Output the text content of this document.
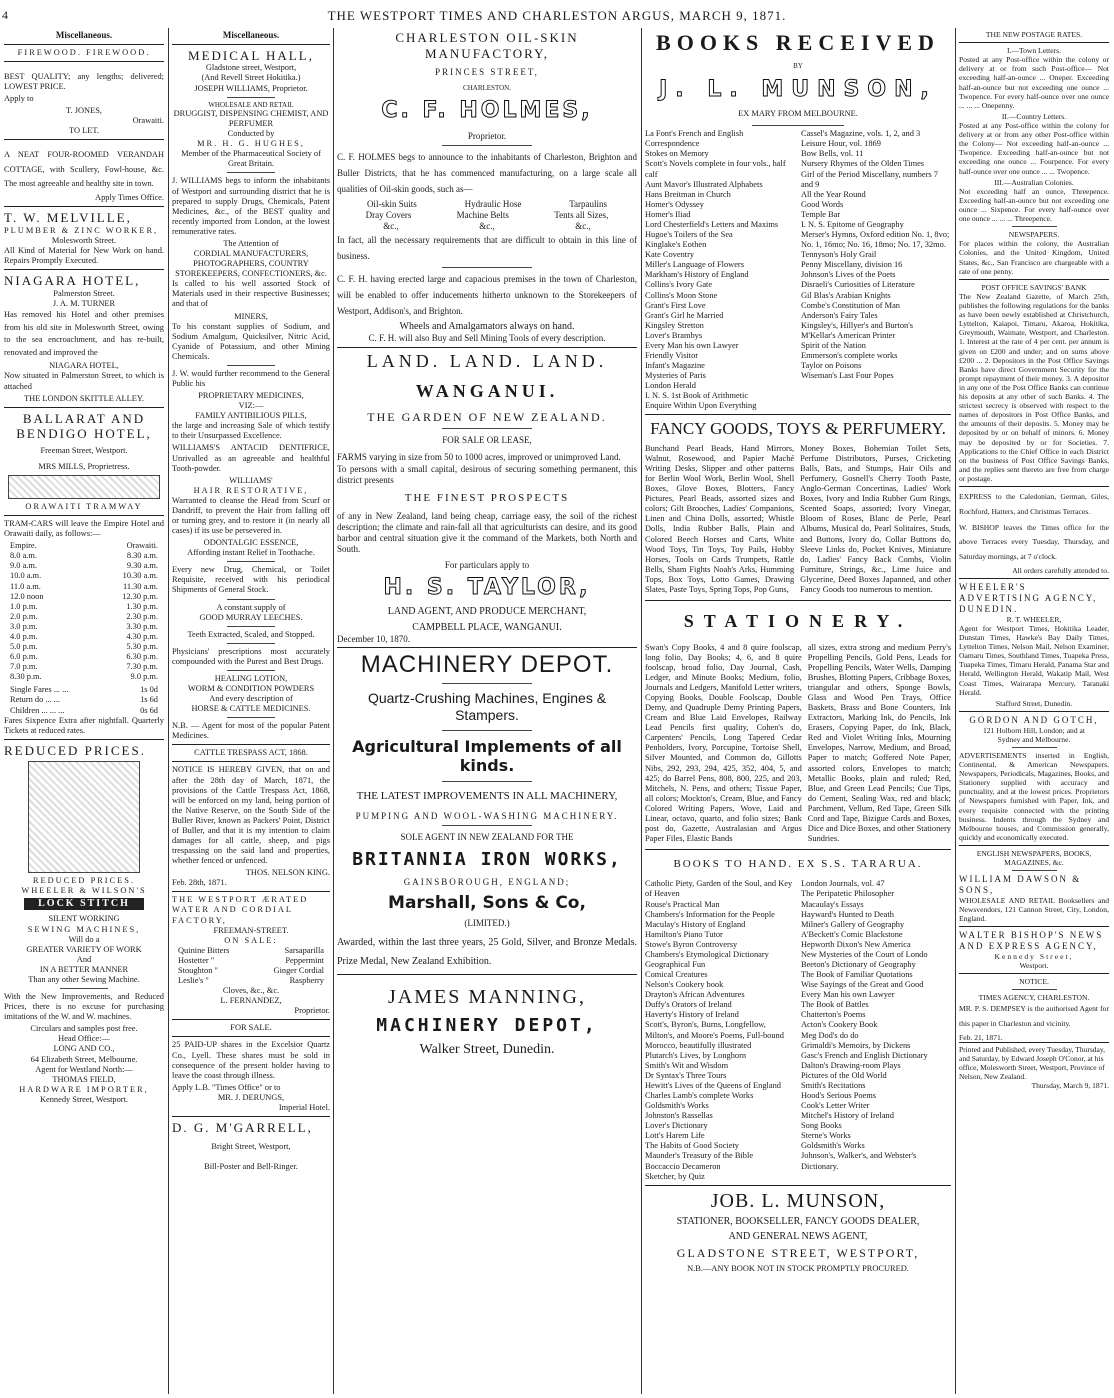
4	THE WESTPORT TIMES AND CHARLESTON ARGUS, MARCH 9, 1871.
Miscellaneous.
FIREWOOD. FIREWOOD.

BEST QUALITY; any lengths; delivered; LOWEST PRICE.

Apply to

T. JONES,
Orawaiti.
TO LET.

A NEAT FOUR-ROOMED VERANDAH COTTAGE, with Scullery, Fowl-house, &c. The most agreeable and healthy site in town.

Apply Times Office.
T. W. MELVILLE,
PLUMBER & ZINC WORKER,
Molesworth Street.

All Kind of Material for New Work on hand. Repairs Promptly Executed.

NIAGARA HOTEL,
Palmerston Street.
J. A. M. TURNER

Has removed his Hotel and other premises from his old site in Molesworth Street, owing to the sea encroachment, and has re-built, renovated and improved the

NIAGARA HOTEL,

Now situated in Palmerston Street, to which is attached

THE LONDON SKITTLE ALLEY.
BALLARAT AND BENDIGO HOTEL,
Freeman Street, Westport.
MRS MILLS, Proprietress.
ORAWAITI TRAMWAY

TRAM-CARS will leave the Empire Hotel and Orawaiti daily, as follows:—

Empire.	Orawaiti.
8.0 a.m.	8.30 a.m.
9.0 a.m.	9.30 a.m.
10.0 a.m.	10.30 a.m.
11.0 a.m.	11.30 a.m.
12.0 noon	12.30 p.m.
1.0 p.m.	1.30 p.m.
2.0 p.m.	2.30 p.m.
3.0 p.m.	3.30 p.m.
4.0 p.m.	4.30 p.m.
5.0 p.m.	5.30 p.m.
6.0 p.m.	6.30 p.m.
7.0 p.m.	7.30 p.m.
8.30 p.m.	9.0 p.m.
Single Fares ... ...	1s 0d
Return do ... ...	1s 6d
Children ... ... ...	0s 6d

Fares Sixpence Extra after nightfall. Quarterly Tickets at reduced rates.

REDUCED PRICES.
REDUCED PRICES.
WHEELER & WILSON'S
LOCK STITCH
SILENT WORKING
SEWING MACHINES,
Will do a
GREATER VARIETY OF WORK
And
IN A BETTER MANNER
Than any other Sewing Machine.

With the New Improvements, and Reduced Prices, there is no excuse for purchasing imitations of the W. and W. machines.

Circulars and samples post free.
Head Office:—
LONG AND CO.,
64 Elizabeth Street, Melbourne.
Agent for Westland North:—
THOMAS FIELD,
HARDWARE IMPORTER,
Kennedy Street, Westport.
Miscellaneous.
MEDICAL HALL,
Gladstone street, Westport,
(And Revell Street Hokitika.)
JOSEPH WILLIAMS, Proprietor.
WHOLESALE AND RETAIL
DRUGGIST, DISPENSING CHEMIST, AND PERFUMER
Conducted by
MR. H. G. HUGHES,
Member of the Pharmaceutical Society of Great Britain.

J. WILLIAMS begs to inform the inhabitants of Westport and surrounding district that he is prepared to supply Drugs, Chemicals, Patent Medicines, &c., of the BEST quality and recently imported from London, at the lowest remunerative rates.

The Attention of
CORDIAL MANUFACTURERS, PHOTOGRAPHERS, COUNTRY STOREKEEPERS, CONFECTIONERS, &c.

Is called to his well assorted Stock of Materials used in their respective Businesses; and that of

MINERS,

To his constant supplies of Sodium, and Sodium Amalgum, Quicksilver, Nitric Acid, Cyanide of Potassium, and other Mining Chemicals.

J. W. would further recommend to the General Public his

PROPRIETARY MEDICINES,
VIZ:—
FAMILY ANTIBILIOUS PILLS,

the large and increasing Sale of which testify to their Unsurpassed Excellence.

WILLIAMS'S ANTACID DENTIFRICE, Unrivalled as an agreeable and healthful Tooth-powder.

WILLIAMS'
HAIR RESTORATIVE,

Warranted to cleanse the Head from Scurf or Dandriff, to prevent the Hair from falling off or turning grey, and to restore it (in nearly all cases) if its use be persevered in.

ODONTALGIC ESSENCE,
Affording instant Relief in Toothache.

Every new Drug, Chemical, or Toilet Requisite, received with his periodical Shipments of General Stock.

A constant supply of
GOOD MURRAY LEECHES.
Teeth Extracted, Scaled, and Stopped.

Physicians' prescriptions most accurately compounded with the Purest and Best Drugs.

HEALING LOTION,
WORM & CONDITION POWDERS
And every description of
HORSE & CATTLE MEDICINES.

N.B. — Agent for most of the popular Patent Medicines.

CATTLE TRESPASS ACT, 1868.

NOTICE IS HEREBY GIVEN, that on and after the 28th day of March, 1871, the provisions of the Cattle Trespass Act, 1868, will be enforced on my land, being portion of the Native Reserve, on the South Side of the Buller River, known as Packers' Point, District of Buller, and that it is my intention to claim damages for all cattle, sheep, and pigs trespassing on the said land and properties, whether fenced or unfenced.

THOS. NELSON KING.
Feb. 28th, 1871.
THE WESTPORT ÆRATED WATER AND CORDIAL FACTORY,
FREEMAN-STREET.
ON SALE:
Quinine Bitters	Sarsaparilla
Hostetter "	Peppermint
Stoughton "	Ginger Cordial
Leslie's "	Raspberry
Cloves, &c., &c.
L. FERNANDEZ,
Proprietor.
FOR SALE.

25 PAID-UP shares in the Excelsior Quartz Co., Lyell. These shares must be sold in consequence of the present holder having to leave the coast through illness.

Apply L.B. "Times Office" or to
MR. J. DERUNGS,
Imperial Hotel.
D. G. M'GARRELL,
Bright Street, Westport,
Bill-Poster and Bell-Ringer.
CHARLESTON OIL-SKIN MANUFACTORY,
PRINCES STREET,
CHARLESTON.
C. F. HOLMES,
Proprietor.

C. F. HOLMES begs to announce to the inhabitants of Charleston, Brighton and Buller Districts, that he has commenced manufacturing, on a large scale all qualities of Oil-skin goods, such as—

Oil-skin Suits	Hydraulic Hose	Tarpaulins
Dray Covers	Machine Belts	Tents all Sizes,
&c.,	&c.,	&c.,

In fact, all the necessary requirements that are difficult to obtain in this line of business.

C. F. H. having erected large and capacious premises in the town of Charleston, will be enabled to offer inducements hitherto unknown to the Storekeepers of Westport, Addison's, and Brighton.

Wheels and Amalgamators always on hand.
C. F. H. will also Buy and Sell Mining Tools of every description.
LAND. LAND. LAND.
WANGANUI.
THE GARDEN OF NEW ZEALAND.
FOR SALE OR LEASE,

FARMS varying in size from 50 to 1000 acres, improved or unimproved Land.

To persons with a small capital, desirous of securing something permanent, this district presents

THE FINEST PROSPECTS

of any in New Zealand, land being cheap, carriage easy, the soil of the richest description; the climate and rain-fall all that agriculturists can desire, and its good harbor and central situation give it the command of the Markets, both North and South.

For particulars apply to
H. S. TAYLOR,
LAND AGENT, AND PRODUCE MERCHANT,
CAMPBELL PLACE, WANGANUI.
December 10, 1870.
MACHINERY DEPOT.
Quartz-Crushing Machines, Engines & Stampers.
Agricultural Implements of all kinds.
THE LATEST IMPROVEMENTS IN ALL MACHINERY,
PUMPING AND WOOL-WASHING MACHINERY.
SOLE AGENT IN NEW ZEALAND FOR THE
BRITANNIA IRON WORKS,
GAINSBOROUGH, ENGLAND;
Marshall, Sons & Co,
(LIMITED.)

Awarded, within the last three years, 25 Gold, Silver, and Bronze Medals. Prize Medal, New Zealand Exhibition.

JAMES MANNING,
MACHINERY DEPOT,
Walker Street, Dunedin.
BOOKS RECEIVED
BY
J. L. MUNSON,
EX MARY FROM MELBOURNE.
La Font's French and English Correspondence
Stokes on Memory
Scott's Novels complete in four vols., half calf
Aunt Mavor's Illustrated Alphabets
Hans Breitman in Church
Homer's Odyssey
Homer's Iliad
Lord Chesterfield's Letters and Maxims
Hugoe's Toilers of the Sea
Kinglake's Eothen
Kate Coventry
Miller's Language of Flowers
Markham's History of England
Collins's Ivory Gate
Collins's Moon Stone
Grant's First Love
Grant's Girl he Married
Kingsley Stretton
Lover's Brambys
Every Man his own Lawyer
Friendly Visitor
Infant's Magazine
Mysteries of Paris
London Herald
I. N. S. 1st Book of Arithmetic
Enquire Within Upon Everything
Cassel's Magazine, vols. 1, 2, and 3
Leisure Hour, vol. 1869
Bow Bells, vol. 11
Nursery Rhymes of the Olden Times
Girl of the Period Miscellany, numbers 7 and 9
All the Year Round
Good Words
Temple Bar
I. N. S. Epitome of Geography
Merser's Hymns, Oxford edition No. 1, 8vo; No. 1, 16mo; No. 16, 18mo; No. 17, 32mo.
Tennyson's Holy Grail
Penny Miscellany, division 16
Johnson's Lives of the Poets
Disraeli's Curiosities of Literature
Gil Blas's Arabian Knights
Combe's Constitution of Man
Anderson's Fairy Tales
Kingsley's, Hillyer's and Burton's
M'Kellar's American Printer
Spirit of the Nation
Emmerson's complete works
Taylor on Poisons
Wiseman's Last Four Popes
FANCY GOODS, TOYS & PERFUMERY.

Bunchand Pearl Beads, Hand Mirrors, Walnut, Rosewood, and Papier Maché Writing Desks, Slipper and other patterns for Berlin Wool Work, Berlin Wool, Shell Boxes, Glove Boxes, Blotters, Fancy Pictures, Pearl Beads, assorted sizes and colors; Gilt Brooches, Ladies' Companions, Linen and China Dolls, assorted; Whistle Dolls, India Rubber Balls, Plain and Colored Beech Horses and Carts, White Wood Toys, Tin Toys, Toy Pails, Hobby Horses, Tools on Cards Trumpets, Rattle Bells, Sham Fights Noah's Arks, Humming Tops, Box Toys, Lotto Games, Drawing Slates, Paste Toys, Spring Tops, Pop Guns,

Money Boxes, Bohemian Toilet Sets, Perfume Distributors, Purses, Cricketing Balls, Bats, and Stumps, Hair Oils and Perfumery, Gosnell's Cherry Tooth Paste, Anglo-German Concertinas, Ladies' Work Boxes, Ivory and India Rubber Gum Rings, Scented Soaps, assorted; Ivory Vinegar, Bloom of Roses, Blanc de Perle, Pearl Albums, Musical do, Pearl Solitaires, Studs, and Buttons, Ivory do, Collar Buttons do, Sleeve Links do, Pocket Knives, Miniature do, Ladies' Fancy Back Combs, Violin Furniture, Strings, &c., Lime Juice and Glycerine, Deed Boxes Japanned, and other Fancy Goods too numerous to mention.

STATIONERY.

Swan's Copy Books, 4 and 8 quire foolscap, long folio, Day Books; 4, 6, and 8 quire foolscap, broad folio, Day Journal, Cash, Ledger, and Minute Books; Medium, folio, Journals and Ledgers, Manifold Letter writers, Copying Books, Double Foolscap, Double Demy, and Quadruple Demy Printing Papers, Cream and Blue Laid Envelopes, Railway Lead Pencils first quality, Cohen's do, Carpenters' Pencils, Long Tapered Cedar Penholders, Ivory, Porcupine, Tortoise Shell, Silver Mounted, and Common do, Gillotts Nibs, 292, 293, 294, 425, 352, 404, 5, and 425; do Barrel Pens, 808, 800, 225, and 203, Mitchels, N. Pens, and others; Tissue Paper, all colors; Mockton's, Cream, Blue, and Fancy Colored Writing Papers, Wove, Laid and Linear, octavo, quarto, and folio sizes; Bank post do, Gazette, Australasian and Argus Paper Files, Elastic Bands

all sizes, extra strong and medium Perry's Propelling Pencils, Gold Pens, Leads for Propelling Pencils, Water Wells, Damping Brushes, Blotting Papers, Cribbage Boxes, triangular and others, Sponge Bowls, Glass and Wood Pen Trays, Office Baskets, Brass and Bone Counters, Ink Extractors, Marking Ink, do Pencils, Ink Erasers, Copying Paper, do Ink, Black, Red and Violet Writing Inks, Mourning Envelopes, Narrow, Medium, and Broad, Paper to match; Goffered Note Paper, assorted colors, Envelopes to match; Metallic Books, plain and ruled; Red, Blue, and Green Lead Pencils; Cue Tips, do Cement, Sealing Wax, red and black; Parchment, Vellum, Red Tape, Green Silk Cord and Tape, Bizigue Cards and Boxes, Dice and Dice Boxes, and other Stationery Sundries.

BOOKS TO HAND. EX S.S. TARARUA.
Catholic Piety, Garden of the Soul, and Key of Heaven
Rouse's Practical Man
Chambers's Information for the People
Maculay's History of England
Hamilton's Piano Tutor
Stowe's Byron Controversy
Chambers's Etymological Dictionary
Geographical Fun
Comical Creatures
Nelson's Cookery book
Drayton's African Adventures
Duffy's Orators of Ireland
Haverty's History of Ireland
Scott's, Byron's, Burns, Longfellow, Milton's, and Moore's Poems, Full-bound Morocco, beautifully illustrated
Plutarch's Lives, by Longhorn
Smith's Wit and Wisdom
Dr Syntax's Three Tours
Hewitt's Lives of the Queens of England
Charles Lamb's complete Works
Goldsmith's Works
Johnston's Rassellas
Lover's Dictionary
Lott's Harem Life
The Habits of Good Society
Maunder's Treasury of the Bible
Boccaccio Decameron
Sketcher, by Quiz
London Journals, vol. 47
The Peripatetic Philosopher
Macaulay's Essays
Hayward's Hunted to Death
Milner's Gallery of Geography
A'Beckett's Comic Blackstone
Hepworth Dixon's New America
New Mysteries of the Court of Londo
Beeton's Dictionary of Geography
The Book of Familiar Quotations
Wise Sayings of the Great and Good
Every Man his own Lawyer
The Book of Battles
Chatterton's Poems
Acton's Cookery Book
Meg Dod's do do
Grimaldi's Memoirs, by Dickens
Gasc's French and English Dictionary
Dalton's Drawing-room Plays
Pictures of the Old World
Smith's Recitations
Hood's Serious Poems
Cook's Letter Writer
Mitchel's History of Ireland
Song Books
Sterne's Works
Goldsmith's Works
Johnson's, Walker's, and Webster's Dictionary.
JOB. L. MUNSON,
STATIONER, BOOKSELLER, FANCY GOODS DEALER,
AND GENERAL NEWS AGENT,
GLADSTONE STREET, WESTPORT,
N.B.—ANY BOOK NOT IN STOCK PROMPTLY PROCURED.
THE NEW POSTAGE RATES.
I.—Town Letters.

Posted at any Post-office within the colony or delivery at or from such Post-office— Not exceeding half-an-ounce ... Oneper. Exceeding half-an-ounce but not exceeding one ounce ... Twopence. For every half-ounce over one ounce ... ... ... Onepenny.

II.—Country Letters.

Posted at any Post-office within the colony for delivery at or from any other Post-office within the Colony— Not exceeding half-an-ounce ... Twopence. Exceeding half-an-ounce but not exceeding one ounce ... Fourpence. For every half-ounce over one ounce ... ... Twopence.

III.—Australian Colonies.

Not exceeding half an ounce, Threepence. Exceeding half-an-ounce but not exceeding one ounce ... Sixpence. For every half-ounce over one ounce ... ... ... Threepence.

NEWSPAPERS.

For places within the colony, the Australian Colonies, and the United Kingdom, United States, &c., San Francisco are chargeable with a rate of one penny.

POST OFFICE SAVINGS' BANK

The New Zealand Gazette, of March 25th, publishes the following regulations for the banks as have been newly established at Christchurch, Lyttelton, Kaiapoi, Timaru, Akaroa, Hokitika, Greymouth, Waimate, Westport, and Charleston. 1. Interest at the rate of 4 per cent. per annum is given on £200 and under; and on sums above £200 ... 2. Depositors in the Post Office Savings Banks have direct Government Security for the prompt repayment of their money. 3. A depositor in any one of the Post Office Banks can continue his deposits at any other of such Banks. 4. The strictest secrecy is observed with respect to the names of depositors in Post Office Banks, and the amounts of their deposits. 5. Money may be deposited by or on behalf of minors. 6. Money may be deposited by or for Societies. 7. Applications to the Chief Office in each District on the business of Post Office Savings Banks, and the replies sent thereto are free from charge or postage.

EXPRESS to the Caledonian, German, Giles, Rochford, Hatters, and Christmas Terraces.

W. BISHOP leaves the Times office for the above Terraces every Tuesday, Thursday, and Saturday mornings, at 7 o'clock.

All orders carefully attended to.
WHEELER'S ADVERTISING AGENCY, DUNEDIN.
R. T. WHEELER,

Agent for Westport Times, Hokitika Leader, Dunstan Times, Hawke's Bay Daily Times, Lyttelton Times, Nelson Mail, Nelson Examiner, Oamaru Times, Southland Times, Tuapeka Press, Tuapeka Times, Timaru Herald, Panama Star and Herald, Wellington Herald, Wakatip Mail, West Coast Times, Wairarapa Mercury, Taranaki Herald.

Stafford Street, Dunedin.
GORDON AND GOTCH,
121 Holborn Hill, London; and at
Sydney and Melbourne.

ADVERTISEMENTS inserted in English, Continental, & American Newspapers. Newspapers, Periodicals, Magazines, Books, and Stationery supplied with accuracy and punctuality, and at the lowest prices. Proprietors of Newspapers furnished with Paper, Ink, and every requisite connected with the printing business. Indents through the Sydney and Melbourne houses, and Commission generally, quickly and economically executed.

ENGLISH NEWSPAPERS, BOOKS, MAGAZINES, &c.
WILLIAM DAWSON & SONS,

WHOLESALE AND RETAIL Booksellers and Newsvendors, 121 Cannon Street, City, London, England.

WALTER BISHOP'S NEWS AND EXPRESS AGENCY,
Kennedy Street,
Westport.
NOTICE.
TIMES AGENCY, CHARLESTON.

MR. P. S. DEMPSEY is the authorised Agent for this paper in Charleston and vicinity.

Feb. 21, 1871.
Printed and Published, every Tuesday, Thursday, and Saturday, by Edward Joseph O'Conor, at his office, Molesworth Street, Westport, Province of Nelson, New Zealand.
Thursday, March 9, 1871.
